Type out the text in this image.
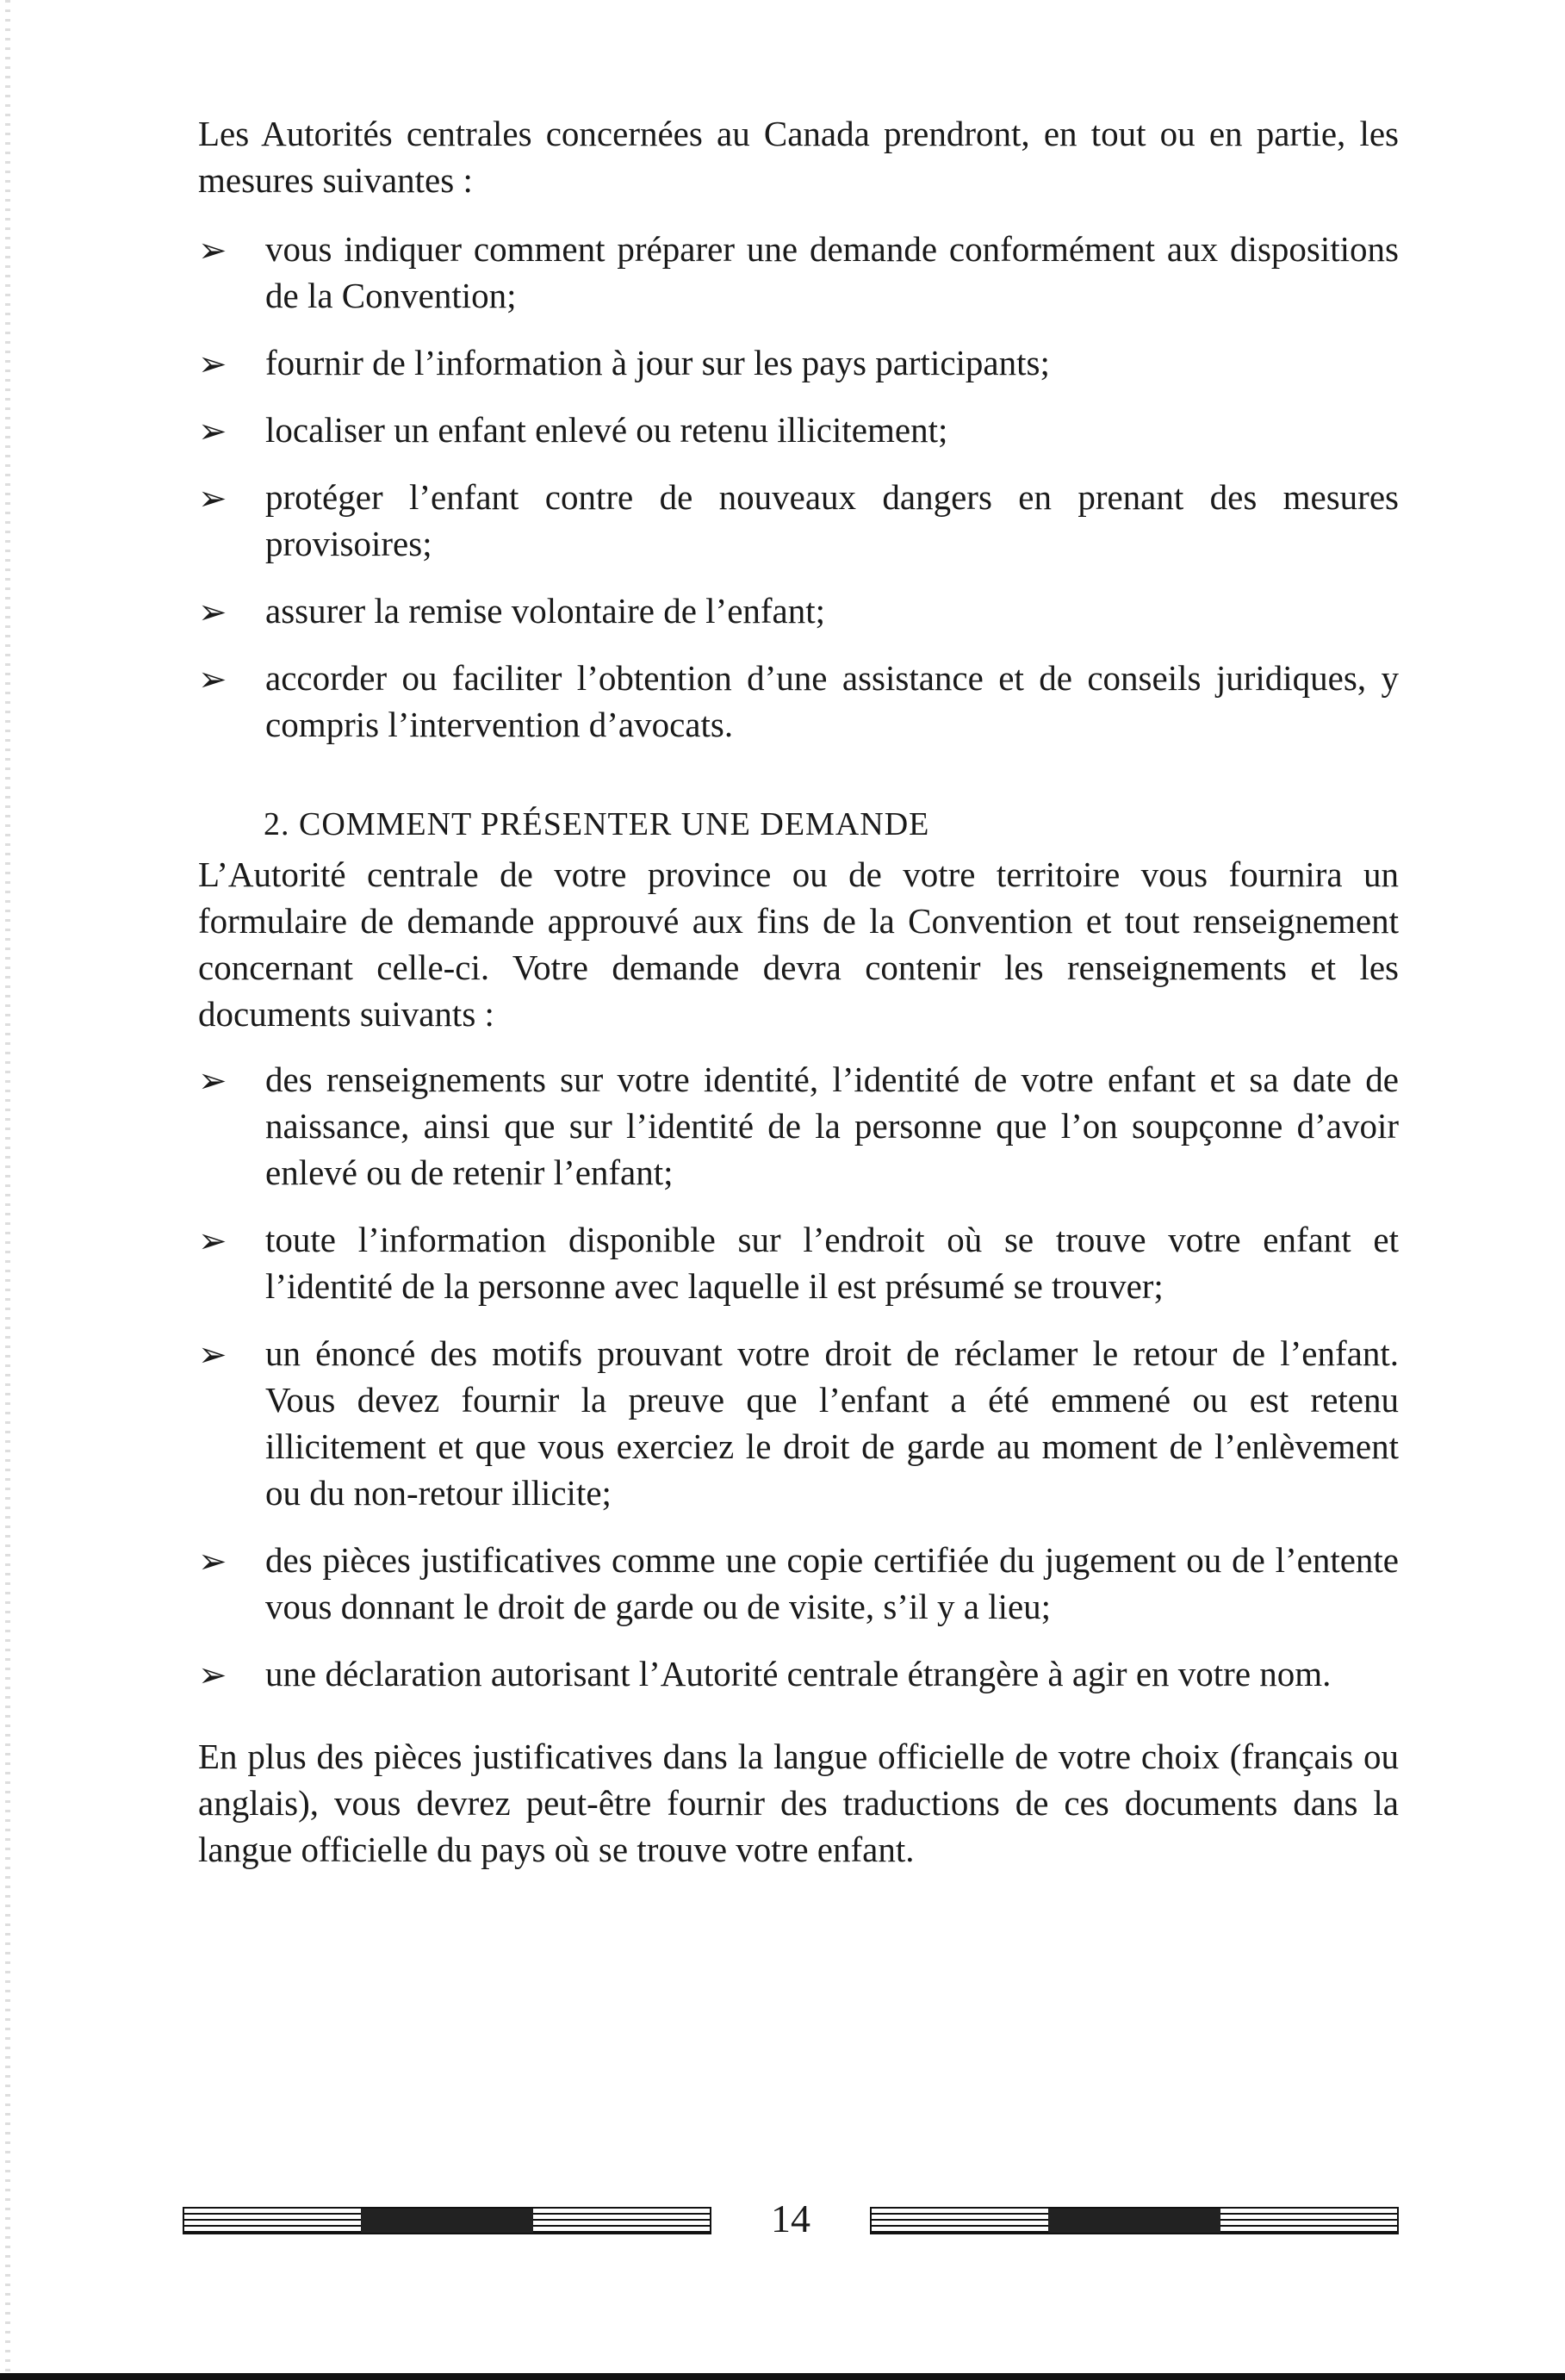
Les Autorités centrales concernées au Canada prendront, en tout ou en partie, les mesures suivantes :

➢ vous indiquer comment préparer une demande conformément aux dispositions de la Convention;
➢ fournir de l’information à jour sur les pays participants;
➢ localiser un enfant enlevé ou retenu illicitement;
➢ protéger l’enfant contre de nouveaux dangers en prenant des mesures provisoires;
➢ assurer la remise volontaire de l’enfant;
➢ accorder ou faciliter l’obtention d’une assistance et de conseils juridiques, y compris l’intervention d’avocats.
2. COMMENT PRÉSENTER UNE DEMANDE

L’Autorité centrale de votre province ou de votre territoire vous fournira un formulaire de demande approuvé aux fins de la Convention et tout renseignement concernant celle-ci. Votre demande devra contenir les renseignements et les documents suivants :

➢ des renseignements sur votre identité, l’identité de votre enfant et sa date de naissance, ainsi que sur l’identité de la personne que l’on soupçonne d’avoir enlevé ou de retenir l’enfant;
➢ toute l’information disponible sur l’endroit où se trouve votre enfant et l’identité de la personne avec laquelle il est présumé se trouver;
➢ un énoncé des motifs prouvant votre droit de réclamer le retour de l’enfant. Vous devez fournir la preuve que l’enfant a été emmené ou est retenu illicitement et que vous exerciez le droit de garde au moment de l’enlèvement ou du non-retour illicite;
➢ des pièces justificatives comme une copie certifiée du jugement ou de l’entente vous donnant le droit de garde ou de visite, s’il y a lieu;
➢ une déclaration autorisant l’Autorité centrale étrangère à agir en votre nom.

En plus des pièces justificatives dans la langue officielle de votre choix (français ou anglais), vous devrez peut-être fournir des traductions de ces documents dans la langue officielle du pays où se trouve votre enfant.

14
